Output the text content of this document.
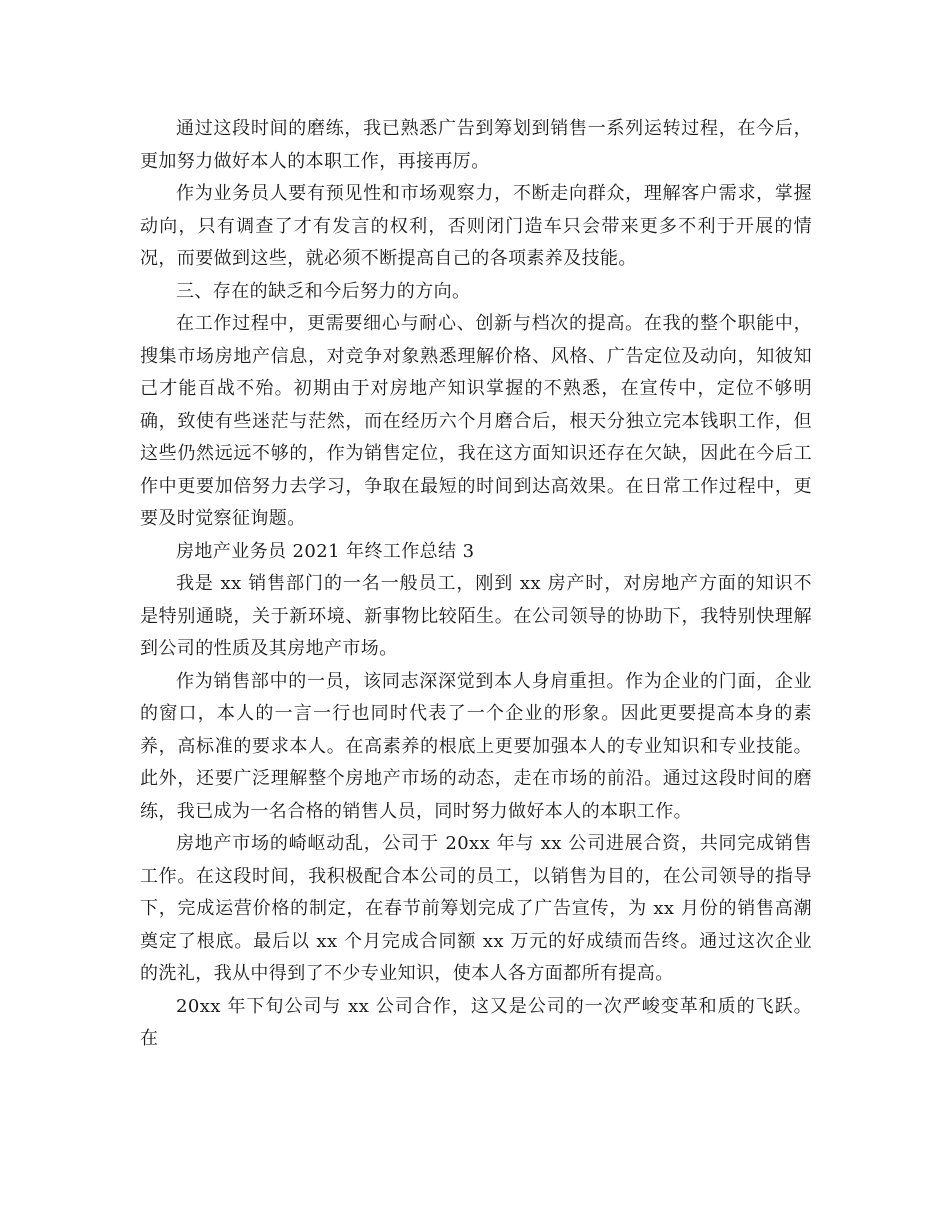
通过这段时间的磨练，我已熟悉广告到筹划到销售一系列运转过程，在今后，更加努力做好本人的本职工作，再接再厉。

作为业务员人要有预见性和市场观察力，不断走向群众，理解客户需求，掌握动向，只有调查了才有发言的权利，否则闭门造车只会带来更多不利于开展的情况，而要做到这些，就必须不断提高自己的各项素养及技能。

三、存在的缺乏和今后努力的方向。

在工作过程中，更需要细心与耐心、创新与档次的提高。在我的整个职能中，搜集市场房地产信息，对竞争对象熟悉理解价格、风格、广告定位及动向，知彼知己才能百战不殆。初期由于对房地产知识掌握的不熟悉，在宣传中，定位不够明确，致使有些迷茫与茫然，而在经历六个月磨合后，根天分独立完本钱职工作，但这些仍然远远不够的，作为销售定位，我在这方面知识还存在欠缺，因此在今后工作中更要加倍努力去学习，争取在最短的时间到达高效果。在日常工作过程中，更要及时觉察征询题。

房地产业务员 2021 年终工作总结 3

我是 xx 销售部门的一名一般员工，刚到 xx 房产时，对房地产方面的知识不是特别通晓，关于新环境、新事物比较陌生。在公司领导的协助下，我特别快理解到公司的性质及其房地产市场。

作为销售部中的一员，该同志深深觉到本人身肩重担。作为企业的门面，企业的窗口，本人的一言一行也同时代表了一个企业的形象。因此更要提高本身的素养，高标准的要求本人。在高素养的根底上更要加强本人的专业知识和专业技能。此外，还要广泛理解整个房地产市场的动态，走在市场的前沿。通过这段时间的磨练，我已成为一名合格的销售人员，同时努力做好本人的本职工作。

房地产市场的崎岖动乱，公司于 20xx 年与 xx 公司进展合资，共同完成销售工作。在这段时间，我积极配合本公司的员工，以销售为目的，在公司领导的指导下，完成运营价格的制定，在春节前筹划完成了广告宣传，为 xx 月份的销售高潮奠定了根底。最后以 xx 个月完成合同额 xx 万元的好成绩而告终。通过这次企业的洗礼，我从中得到了不少专业知识，使本人各方面都所有提高。

20xx 年下旬公司与 xx 公司合作，这又是公司的一次严峻变革和质的飞跃。在
